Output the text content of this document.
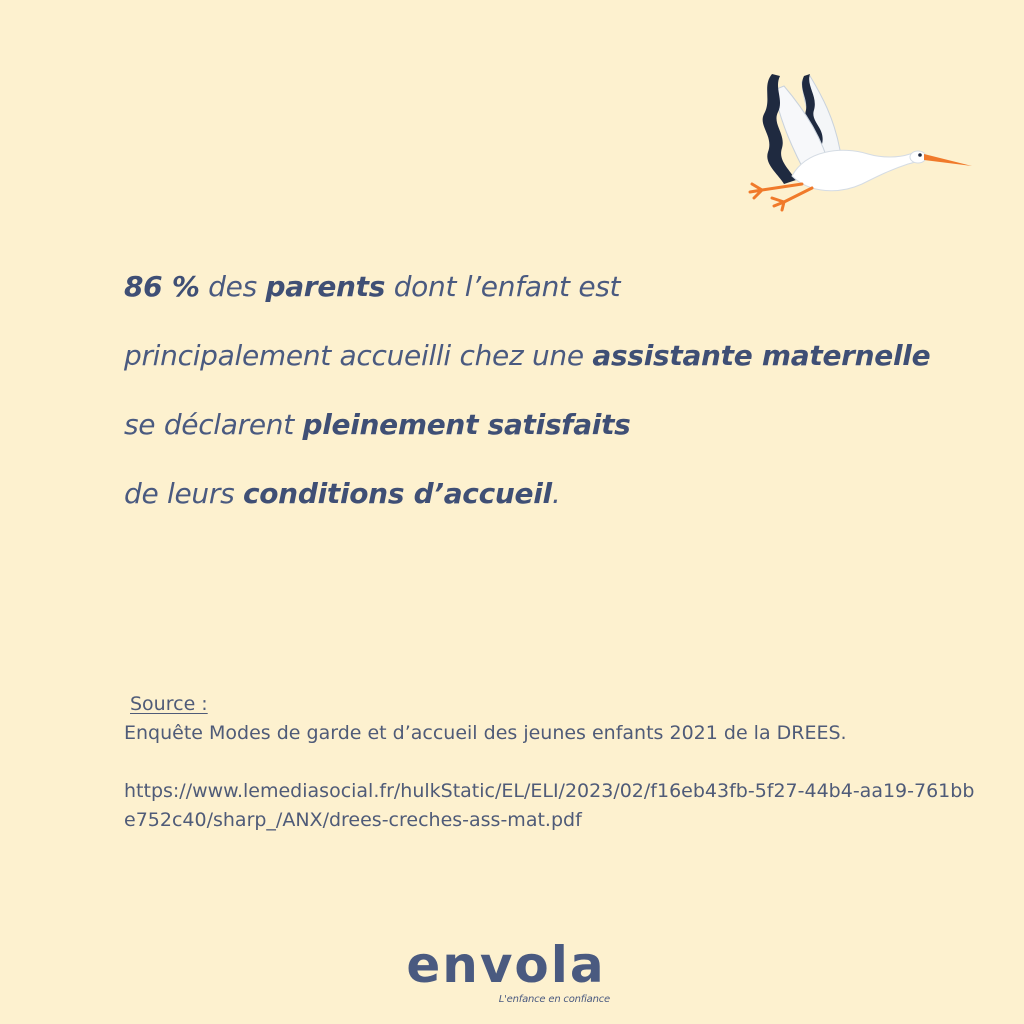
86 % des parents dont l’enfant est
principalement accueilli chez une assistante maternelle
se déclarent pleinement satisfaits
de leurs conditions d’accueil.

Source :
Enquête Modes de garde et d’accueil des jeunes enfants 2021 de la DREES.
https://www.lemediasocial.fr/hulkStatic/EL/ELI/2023/02/f16eb43fb-5f27-44b4-aa19-761bbe752c40/sharp_/ANX/drees-creches-ass-mat.pdf
envola
L'enfance en confiance
